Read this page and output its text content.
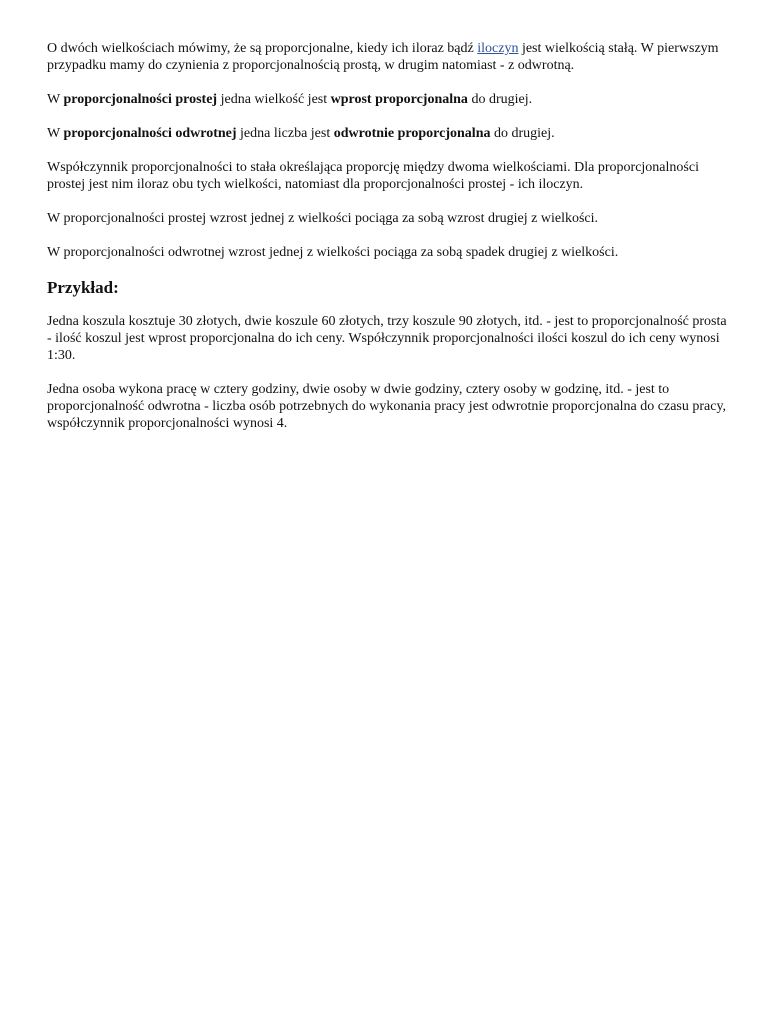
O dwóch wielkościach mówimy, że są proporcjonalne, kiedy ich iloraz bądź iloczyn jest wielkością stałą. W pierwszym przypadku mamy do czynienia z proporcjonalnością prostą, w drugim natomiast - z odwrotną.

W proporcjonalności prostej jedna wielkość jest wprost proporcjonalna do drugiej.

W proporcjonalności odwrotnej jedna liczba jest odwrotnie proporcjonalna do drugiej.

Współczynnik proporcjonalności to stała określająca proporcję między dwoma wielkościami. Dla proporcjonalności prostej jest nim iloraz obu tych wielkości, natomiast dla proporcjonalności prostej - ich iloczyn.

W proporcjonalności prostej wzrost jednej z wielkości pociąga za sobą wzrost drugiej z wielkości.

W proporcjonalności odwrotnej wzrost jednej z wielkości pociąga za sobą spadek drugiej z wielkości.

Przykład:

Jedna koszula kosztuje 30 złotych, dwie koszule 60 złotych, trzy koszule 90 złotych, itd. - jest to proporcjonalność prosta - ilość koszul jest wprost proporcjonalna do ich ceny. Współczynnik proporcjonalności ilości koszul do ich ceny wynosi 1:30.

Jedna osoba wykona pracę w cztery godziny, dwie osoby w dwie godziny, cztery osoby w godzinę, itd. - jest to proporcjonalność odwrotna - liczba osób potrzebnych do wykonania pracy jest odwrotnie proporcjonalna do czasu pracy, współczynnik proporcjonalności wynosi 4.
